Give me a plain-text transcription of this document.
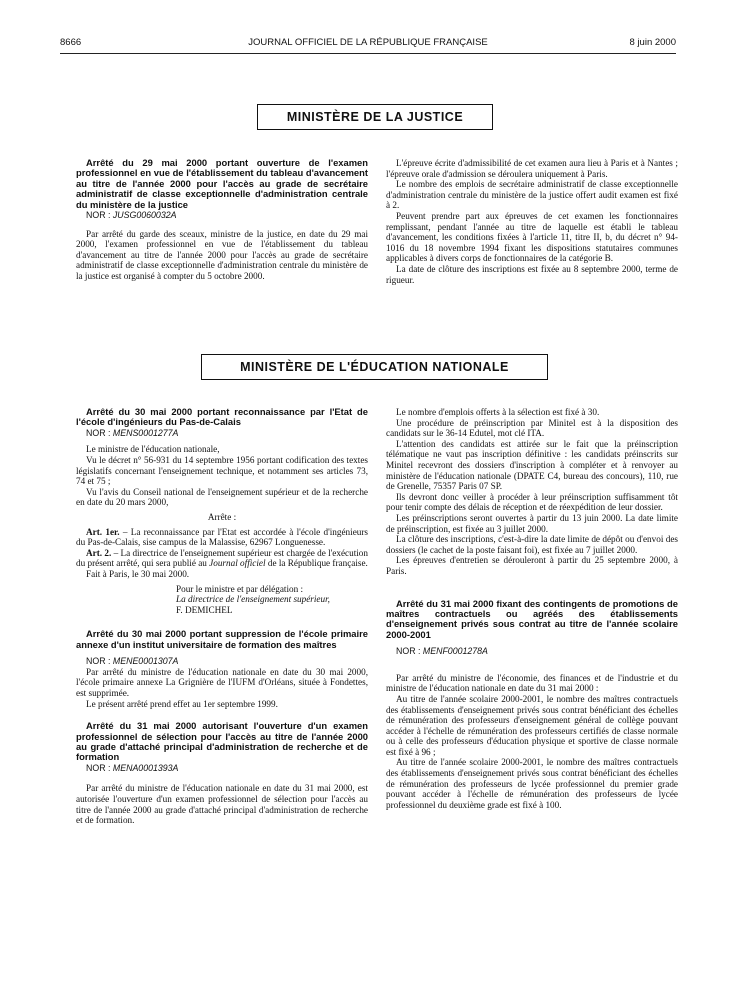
8666	JOURNAL OFFICIEL DE LA RÉPUBLIQUE FRANÇAISE	8 juin 2000
MINISTÈRE DE LA JUSTICE

Arrêté du 29 mai 2000 portant ouverture de l'examen professionnel en vue de l'établissement du tableau d'avancement au titre de l'année 2000 pour l'accès au grade de secrétaire administratif de classe exceptionnelle d'administration centrale du ministère de la justice

NOR : JUSG0060032A

Par arrêté du garde des sceaux, ministre de la justice, en date du 29 mai 2000, l'examen professionnel en vue de l'établissement du tableau d'avancement au titre de l'année 2000 pour l'accès au grade de secrétaire administratif de classe exceptionnelle d'administration centrale du ministère de la justice est organisé à compter du 5 octobre 2000.

L'épreuve écrite d'admissibilité de cet examen aura lieu à Paris et à Nantes ; l'épreuve orale d'admission se déroulera uniquement à Paris.

Le nombre des emplois de secrétaire administratif de classe exceptionnelle d'administration centrale du ministère de la justice offert audit examen est fixé à 2.

Peuvent prendre part aux épreuves de cet examen les fonctionnaires remplissant, pendant l'année au titre de laquelle est établi le tableau d'avancement, les conditions fixées à l'article 11, titre II, b, du décret n° 94-1016 du 18 novembre 1994 fixant les dispositions statutaires communes applicables à divers corps de fonctionnaires de la catégorie B.

La date de clôture des inscriptions est fixée au 8 septembre 2000, terme de rigueur.

MINISTÈRE DE L'ÉDUCATION NATIONALE

Arrêté du 30 mai 2000 portant reconnaissance par l'Etat de l'école d'ingénieurs du Pas-de-Calais

NOR : MENS0001277A

Le ministre de l'éducation nationale,

Vu le décret n° 56-931 du 14 septembre 1956 portant codification des textes législatifs concernant l'enseignement technique, et notamment ses articles 73, 74 et 75 ;

Vu l'avis du Conseil national de l'enseignement supérieur et de la recherche en date du 20 mars 2000,

Arrête :

Art. 1er. – La reconnaissance par l'Etat est accordée à l'école d'ingénieurs du Pas-de-Calais, sise campus de la Malassise, 62967 Longuenesse.

Art. 2. – La directrice de l'enseignement supérieur est chargée de l'exécution du présent arrêté, qui sera publié au Journal officiel de la République française.

Fait à Paris, le 30 mai 2000.

Pour le ministre et par délégation :

La directrice de l'enseignement supérieur,

F. DEMICHEL

Arrêté du 30 mai 2000 portant suppression de l'école primaire annexe d'un institut universitaire de formation des maîtres

NOR : MENE0001307A

Par arrêté du ministre de l'éducation nationale en date du 30 mai 2000, l'école primaire annexe La Grignière de l'IUFM d'Orléans, située à Fondettes, est supprimée.

Le présent arrêté prend effet au 1er septembre 1999.

Arrêté du 31 mai 2000 autorisant l'ouverture d'un examen professionnel de sélection pour l'accès au titre de l'année 2000 au grade d'attaché principal d'administration de recherche et de formation

NOR : MENA0001393A

Par arrêté du ministre de l'éducation nationale en date du 31 mai 2000, est autorisée l'ouverture d'un examen professionnel de sélection pour l'accès au titre de l'année 2000 au grade d'attaché principal d'administration de recherche et de formation.

Le nombre d'emplois offerts à la sélection est fixé à 30.

Une procédure de préinscription par Minitel est à la disposition des candidats sur le 36-14 Edutel, mot clé ITA.

L'attention des candidats est attirée sur le fait que la préinscription télématique ne vaut pas inscription définitive : les candidats préinscrits sur Minitel recevront des dossiers d'inscription à compléter et à renvoyer au ministère de l'éducation nationale (DPATE C4, bureau des concours), 110, rue de Grenelle, 75357 Paris 07 SP.

Ils devront donc veiller à procéder à leur préinscription suffisamment tôt pour tenir compte des délais de réception et de réexpédition de leur dossier.

Les préinscriptions seront ouvertes à partir du 13 juin 2000. La date limite de préinscription, est fixée au 3 juillet 2000.

La clôture des inscriptions, c'est-à-dire la date limite de dépôt ou d'envoi des dossiers (le cachet de la poste faisant foi), est fixée au 7 juillet 2000.

Les épreuves d'entretien se dérouleront à partir du 25 septembre 2000, à Paris.

Arrêté du 31 mai 2000 fixant des contingents de promotions de maîtres contractuels ou agréés des établissements d'enseignement privés sous contrat au titre de l'année scolaire 2000-2001

NOR : MENF0001278A

Par arrêté du ministre de l'économie, des finances et de l'industrie et du ministre de l'éducation nationale en date du 31 mai 2000 :

Au titre de l'année scolaire 2000-2001, le nombre des maîtres contractuels des établissements d'enseignement privés sous contrat bénéficiant des échelles de rémunération des professeurs d'enseignement général de collège pouvant accéder à l'échelle de rémunération des professeurs certifiés de classe normale ou à celle des professeurs d'éducation physique et sportive de classe normale est fixé à 96 ;

Au titre de l'année scolaire 2000-2001, le nombre des maîtres contractuels des établissements d'enseignement privés sous contrat bénéficiant des échelles de rémunération des professeurs de lycée professionnel du premier grade pouvant accéder à l'échelle de rémunération des professeurs de lycée professionnel du deuxième grade est fixé à 100.
